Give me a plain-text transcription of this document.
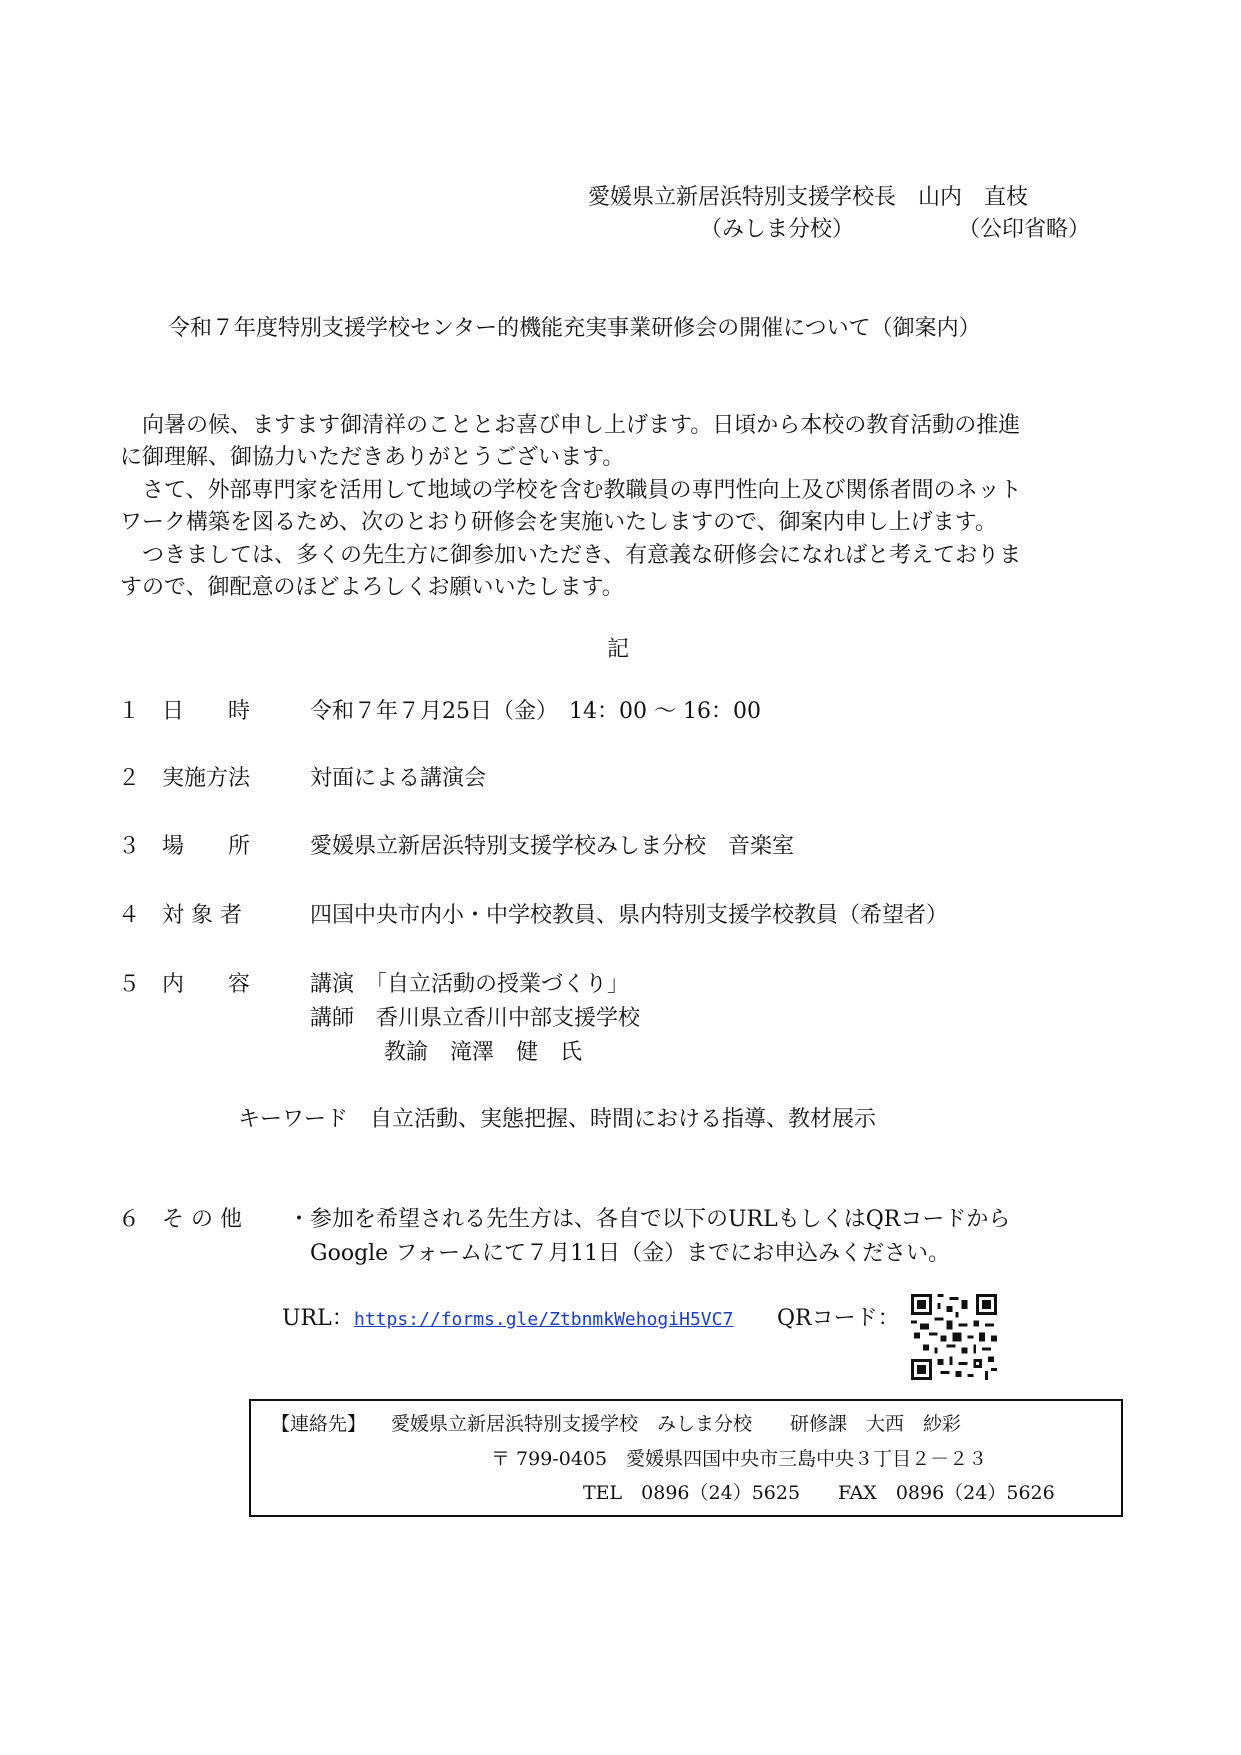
愛媛県立新居浜特別支援学校長　山内　直枝
（みしま分校）	（公印省略）
令和７年度特別支援学校センター的機能充実事業研修会の開催について（御案内）
　向暑の候、ますます御清祥のこととお喜び申し上げます。日頃から本校の教育活動の推進
に御理解、御協力いただきありがとうございます。
　さて、外部専門家を活用して地域の学校を含む教職員の専門性向上及び関係者間のネット
ワーク構築を図るため、次のとおり研修会を実施いたしますので、御案内申し上げます。
　つきましては、多くの先生方に御参加いただき、有意義な研修会になればと考えておりま
すので、御配意のほどよろしくお願いいたします。
記
１ 日　　時	令和７年７月25日（金）　14：00 〜 16：00
２ 実施方法	対面による講演会
３ 場　　所	愛媛県立新居浜特別支援学校みしま分校　音楽室
４ 対 象 者	四国中央市内小・中学校教員、県内特別支援学校教員（希望者）
５ 内　　容	講演　「自立活動の授業づくり」
講師　香川県立香川中部支援学校
教諭　滝澤　健　氏
キーワード　自立活動、実態把握、時間における指導、教材展示
６ そ の 他 ・参加を希望される先生方は、各自で以下のURLもしくはQRコードから
Google フォームにて７月11日（金）までにお申込みください。
URL： https://forms.gle/ZtbnmkWehogiH5VC7 QRコード：
【連絡先】 愛媛県立新居浜特別支援学校　みしま分校　　研修課　大西　紗彩
〒 799-0405　愛媛県四国中央市三島中央３丁目２－２３
TEL　0896（24）5625　　FAX　0896（24）5626
